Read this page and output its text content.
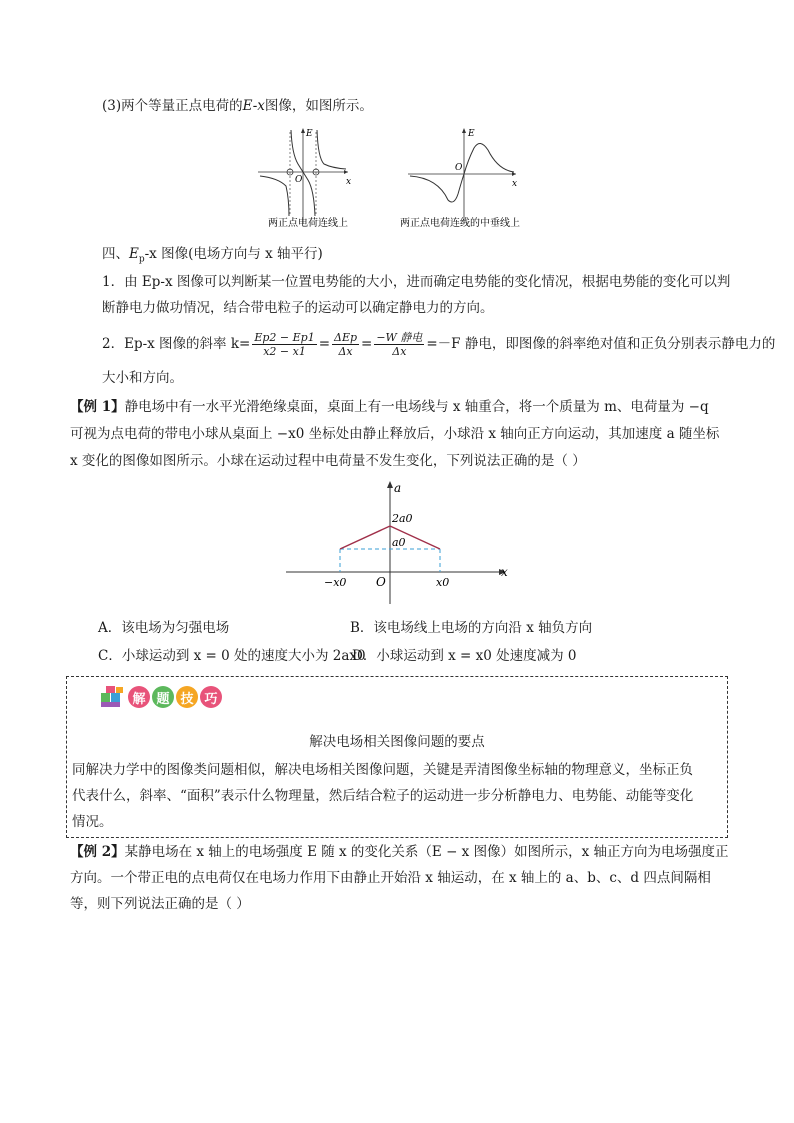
(3)两个等量正点电荷的E-x图像，如图所示。
E
x
O
E
x
O
两正点电荷连线上	两正点电荷连线的中垂线上
四、$E_p-x$ 图像(电场方向与 x 轴平行)
1．由 Ep-x 图像可以判断某一位置电势能的大小，进而确定电势能的变化情况，根据电势能的变化可以判
断静电力做功情况，结合带电粒子的运动可以确定静电力的方向。
2．Ep-x 图像的斜率 $k= \frac{Ep2 - Ep1}{x2 - x1} = \frac{\text{ΔEp}}{\Delta x} = \frac{\text{−W 静电}}{\Delta x} =-F$ 静电，即图像的斜率绝对值和正负分别表示静电力的
大小和方向。
【例 1】静电场中有一水平光滑绝缘桌面，桌面上有一电场线与 x 轴重合，将一个质量为 m、电荷量为 −q
可视为点电荷的带电小球从桌面上 −x0 坐标处由静止释放后，小球沿 x 轴向正方向运动，其加速度 a 随坐标
x 变化的图像如图所示。小球在运动过程中电荷量不发生变化，下列说法正确的是（ ）
a
x
O
2a0
a0
−x0	x0
A．该电场为匀强电场	B．该电场线上电场的方向沿 x 轴负方向
C．小球运动到 x = 0 处的速度大小为 2ax0
D．小球运动到 x = x0 处速度减为 0
解 题 技 巧
解决电场相关图像问题的要点
同解决力学中的图像类问题相似，解决电场相关图像问题，关键是弄清图像坐标轴的物理意义，坐标正负
代表什么，斜率、“面积”表示什么物理量，然后结合粒子的运动进一步分析静电力、电势能、动能等变化
情况。
【例 2】某静电场在 x 轴上的电场强度 E 随 x 的变化关系（E − x 图像）如图所示，x 轴正方向为电场强度正
方向。一个带正电的点电荷仅在电场力作用下由静止开始沿 x 轴运动，在 x 轴上的 a、b、c、d 四点间隔相
等，则下列说法正确的是（ ）
